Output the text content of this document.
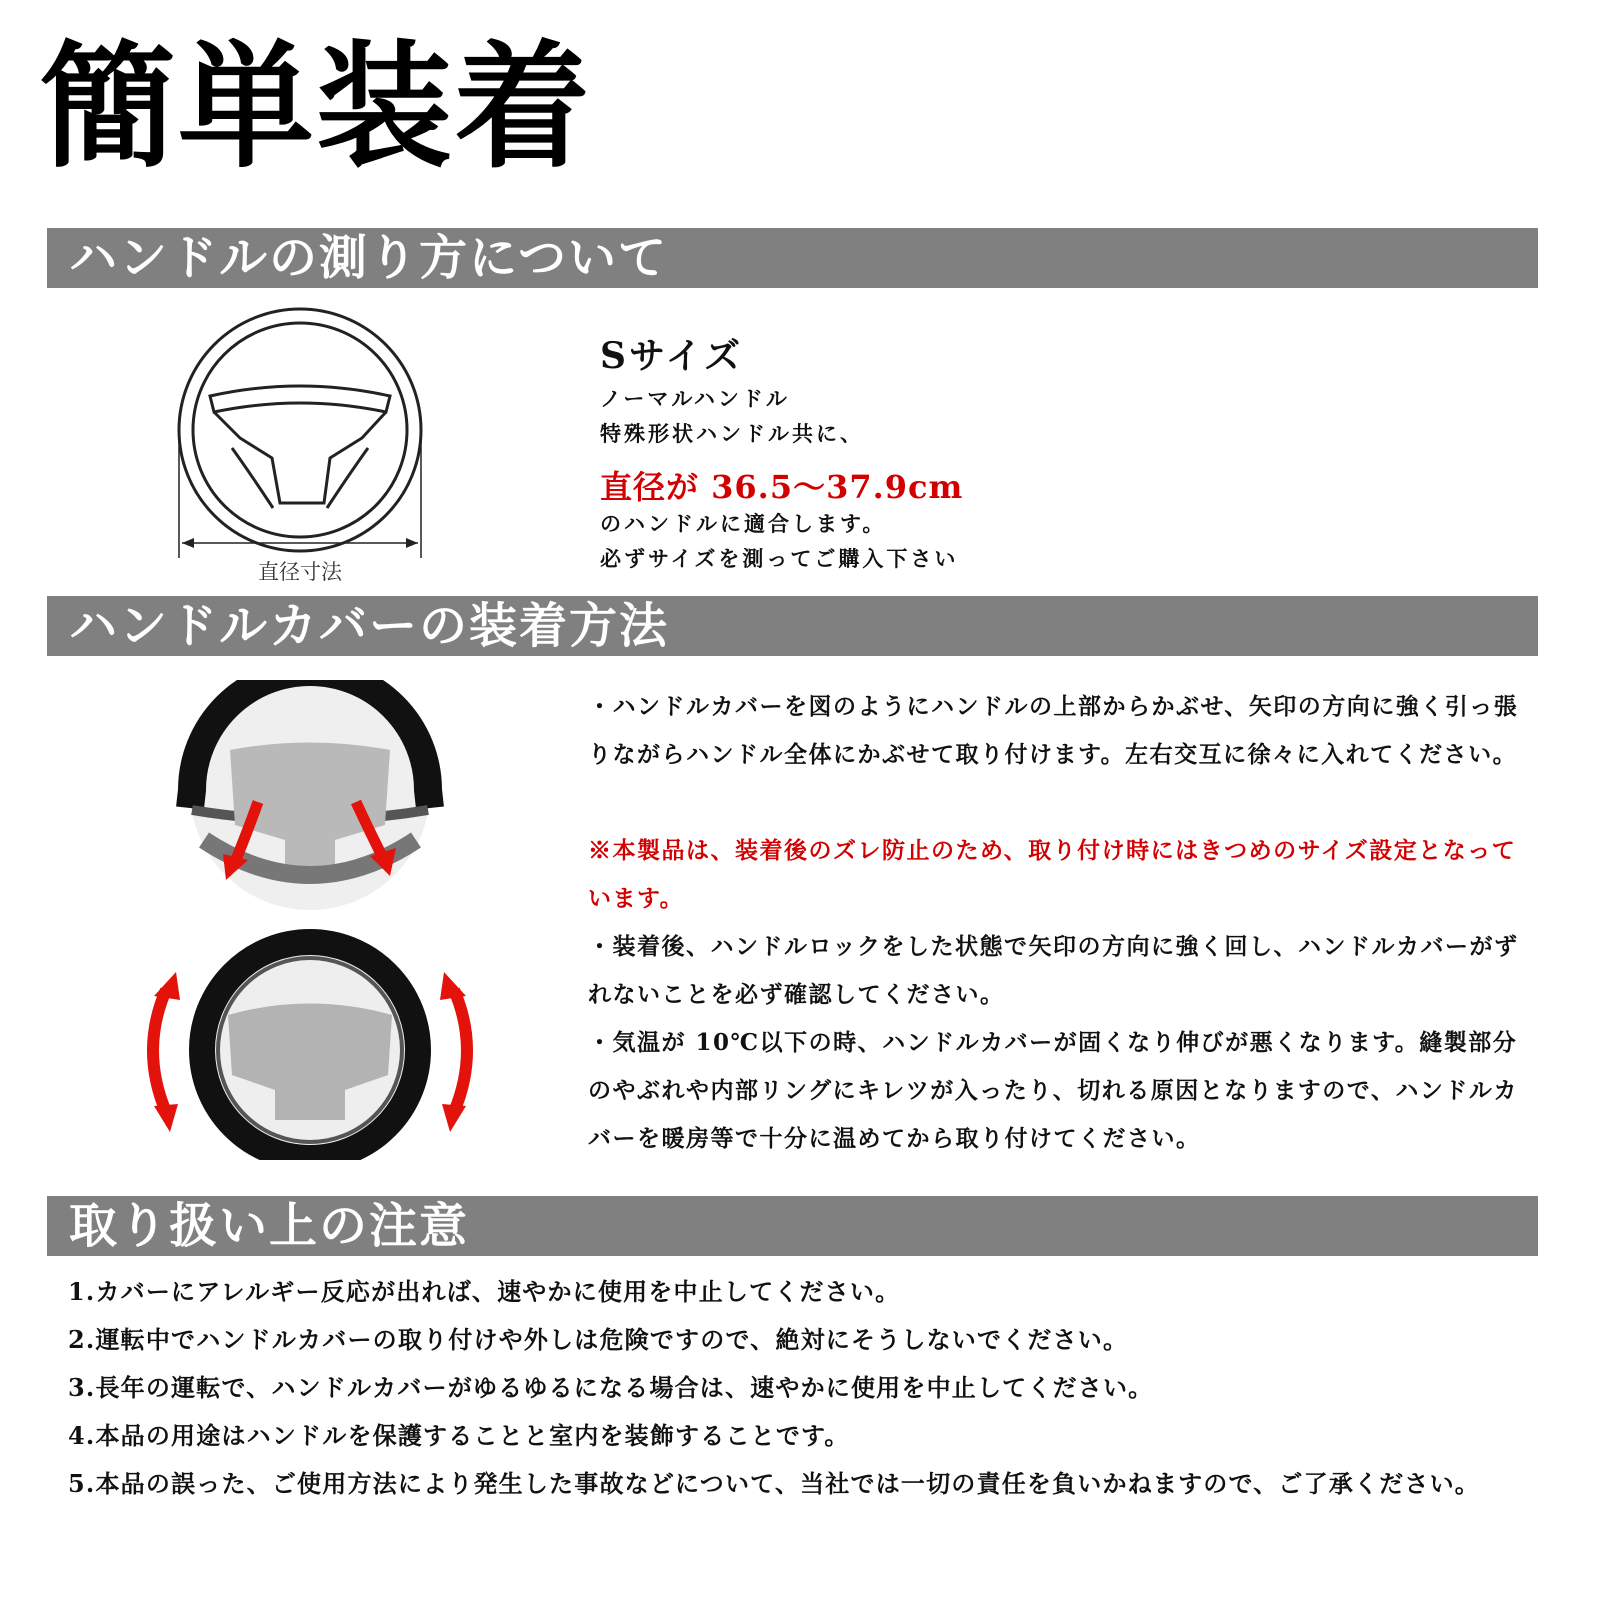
簡単装着
ハンドルの測り方について
直径寸法
Sサイズ
ノーマルハンドル
特殊形状ハンドル共に、
直径が 36.5〜37.9cm
のハンドルに適合します。
必ずサイズを測ってご購入下さい
ハンドルカバーの装着方法
・ハンドルカバーを図のようにハンドルの上部からかぶせ、矢印の方向に強く引っ張りながらハンドル全体にかぶせて取り付けます。左右交互に徐々に入れてください。
※本製品は、装着後のズレ防止のため、取り付け時にはきつめのサイズ設定となっています。
・装着後、ハンドルロックをした状態で矢印の方向に強く回し、ハンドルカバーがずれないことを必ず確認してください。
・気温が 10℃以下の時、ハンドルカバーが固くなり伸びが悪くなります。縫製部分のやぶれや内部リングにキレツが入ったり、切れる原因となりますので、ハンドルカバーを暖房等で十分に温めてから取り付けてください。
取り扱い上の注意
1.カバーにアレルギー反応が出れば、速やかに使用を中止してください。
2.運転中でハンドルカバーの取り付けや外しは危険ですので、絶対にそうしないでください。
3.長年の運転で、ハンドルカバーがゆるゆるになる場合は、速やかに使用を中止してください。
4.本品の用途はハンドルを保護することと室内を装飾することです。
5.本品の誤った、ご使用方法により発生した事故などについて、当社では一切の責任を負いかねますので、ご了承ください。
